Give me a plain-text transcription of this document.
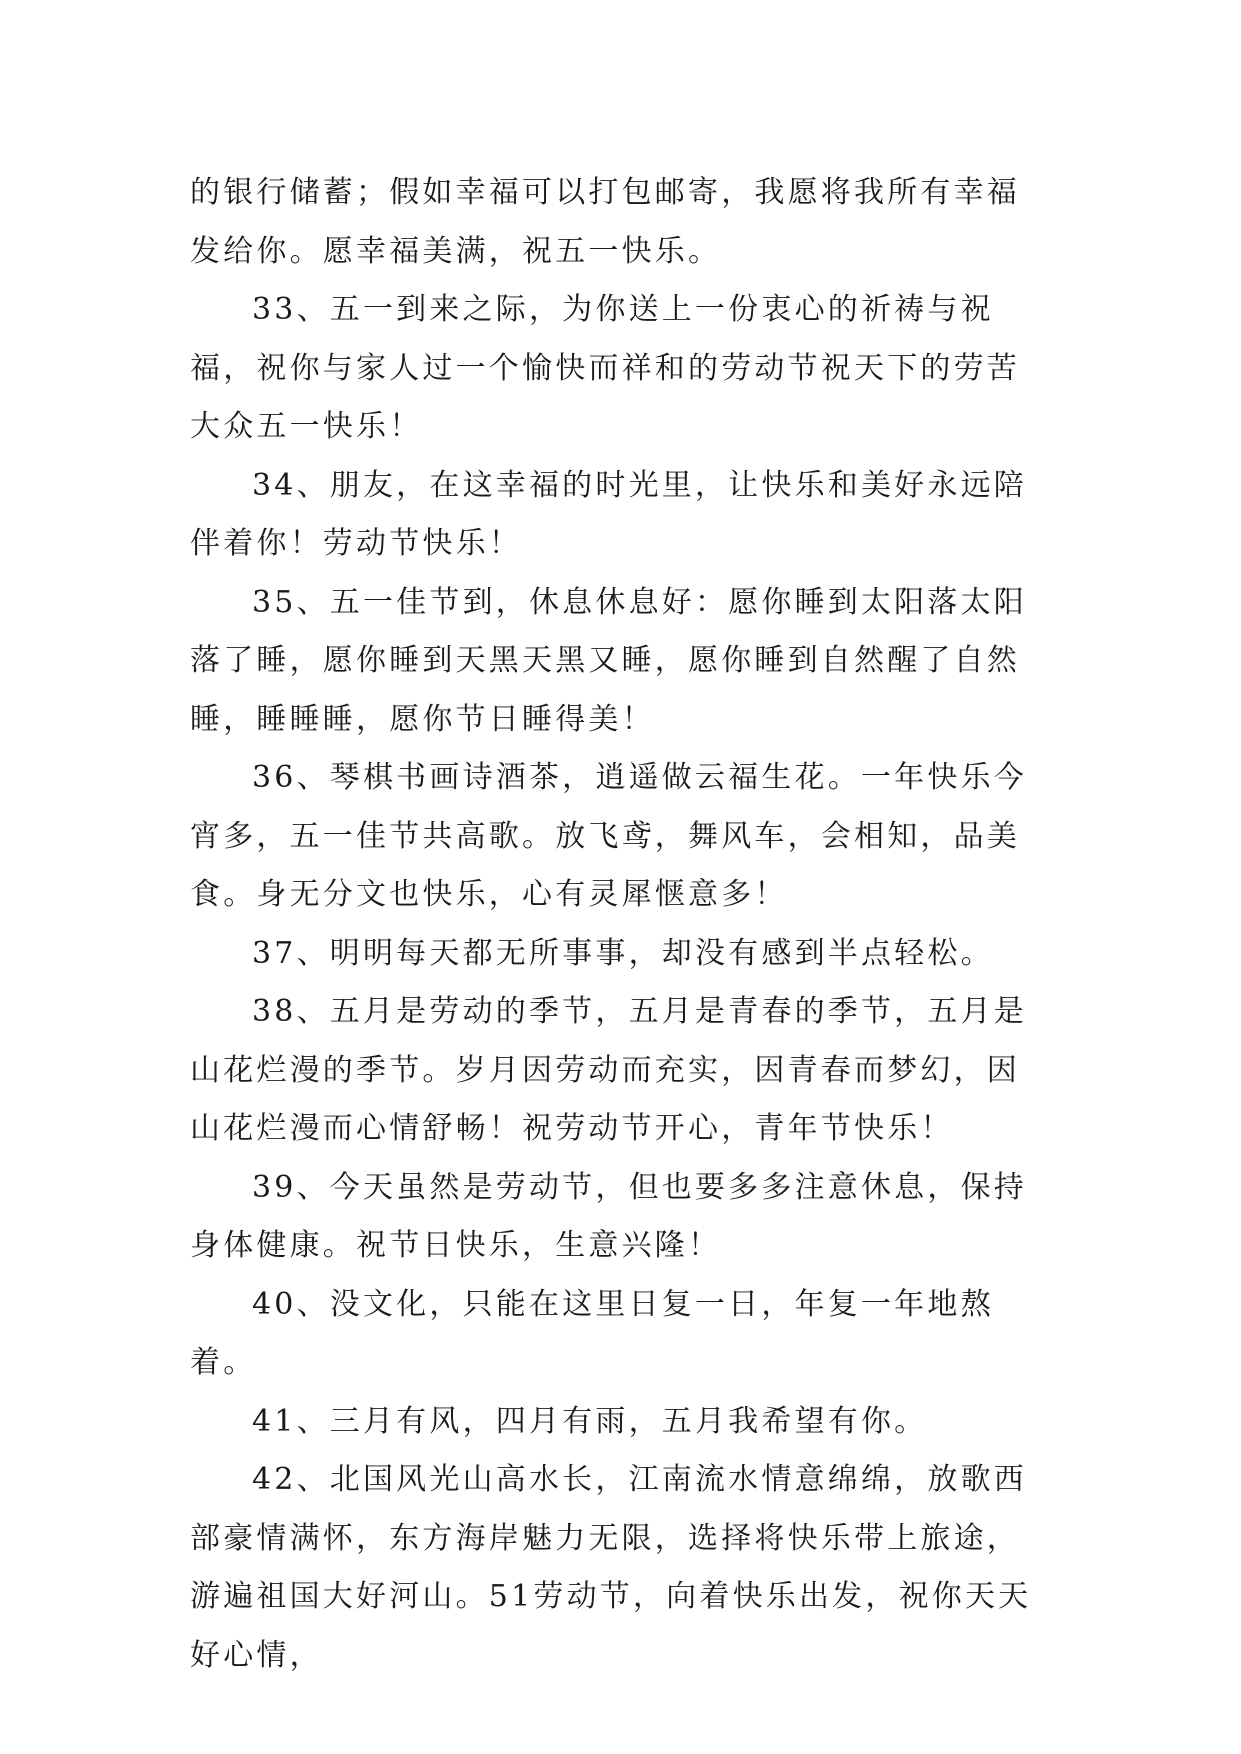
的银行储蓄；假如幸福可以打包邮寄，我愿将我所有幸福发给你。愿幸福美满，祝五一快乐。

33、五一到来之际，为你送上一份衷心的祈祷与祝福，祝你与家人过一个愉快而祥和的劳动节祝天下的劳苦大众五一快乐！

34、朋友，在这幸福的时光里，让快乐和美好永远陪伴着你！劳动节快乐！

35、五一佳节到，休息休息好：愿你睡到太阳落太阳落了睡，愿你睡到天黑天黑又睡，愿你睡到自然醒了自然睡，睡睡睡，愿你节日睡得美！

36、琴棋书画诗酒茶，逍遥做云福生花。一年快乐今宵多，五一佳节共高歌。放飞鸢，舞风车，会相知，品美食。身无分文也快乐，心有灵犀惬意多！

37、明明每天都无所事事，却没有感到半点轻松。

38、五月是劳动的季节，五月是青春的季节，五月是山花烂漫的季节。岁月因劳动而充实，因青春而梦幻，因山花烂漫而心情舒畅！祝劳动节开心，青年节快乐！

39、今天虽然是劳动节，但也要多多注意休息，保持身体健康。祝节日快乐，生意兴隆！

40、没文化，只能在这里日复一日，年复一年地熬着。

41、三月有风，四月有雨，五月我希望有你。

42、北国风光山高水长，江南流水情意绵绵，放歌西部豪情满怀，东方海岸魅力无限，选择将快乐带上旅途，游遍祖国大好河山。51劳动节，向着快乐出发，祝你天天好心情，
